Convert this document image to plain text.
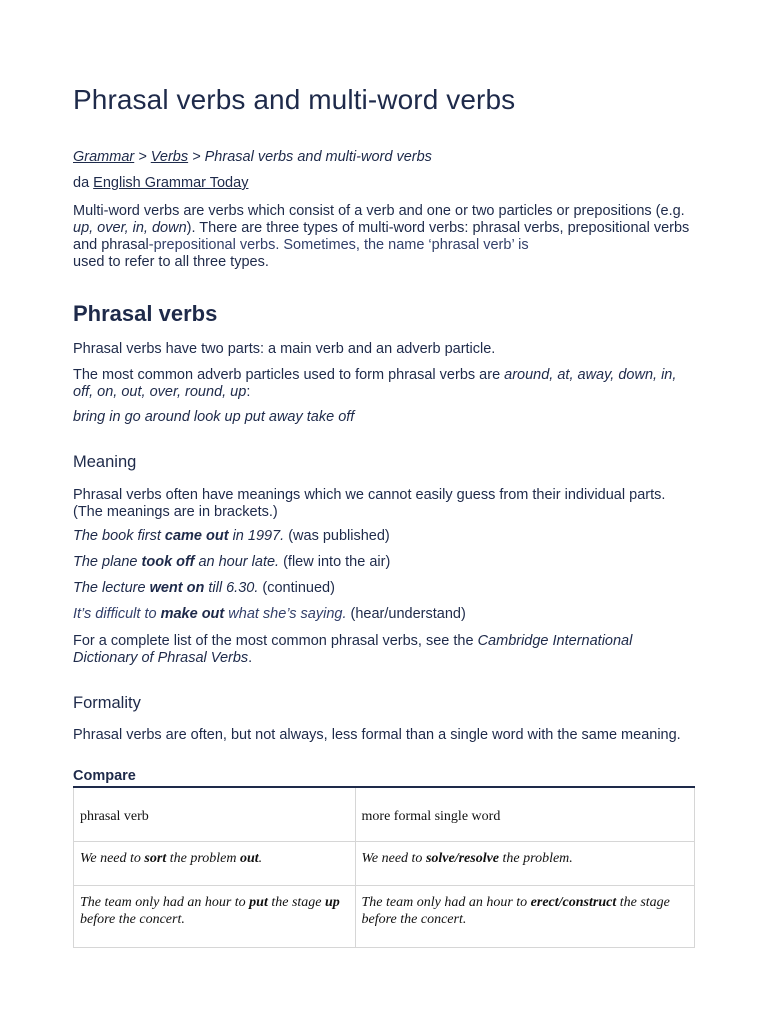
Phrasal verbs and multi-word verbs

Grammar > Verbs > Phrasal verbs and multi-word verbs

da English Grammar Today

Multi-word verbs are verbs which consist of a verb and one or two particles or prepositions (e.g. up, over, in, down). There are three types of multi-word verbs: phrasal verbs, prepositional verbs and phrasal-prepositional verbs. Sometimes, the name ‘phrasal verb’ is
used to refer to all three types.

Phrasal verbs

Phrasal verbs have two parts: a main verb and an adverb particle.

The most common adverb particles used to form phrasal verbs are around, at, away, down, in, off, on, out, over, round, up:

bring in go around look up put away take off

Meaning

Phrasal verbs often have meanings which we cannot easily guess from their individual parts. (The meanings are in brackets.)

The book first came out in 1997. (was published)

The plane took off an hour late. (flew into the air)

The lecture went on till 6.30. (continued)

It’s difficult to make out what she’s saying. (hear/understand)

For a complete list of the most common phrasal verbs, see the Cambridge International Dictionary of Phrasal Verbs.

Formality

Phrasal verbs are often, but not always, less formal than a single word with the same meaning.

Compare
phrasal verb	more formal single word
We need to sort the problem out.	We need to solve/resolve the problem.
The team only had an hour to put the stage up before the concert.	The team only had an hour to erect/construct the stage before the concert.
